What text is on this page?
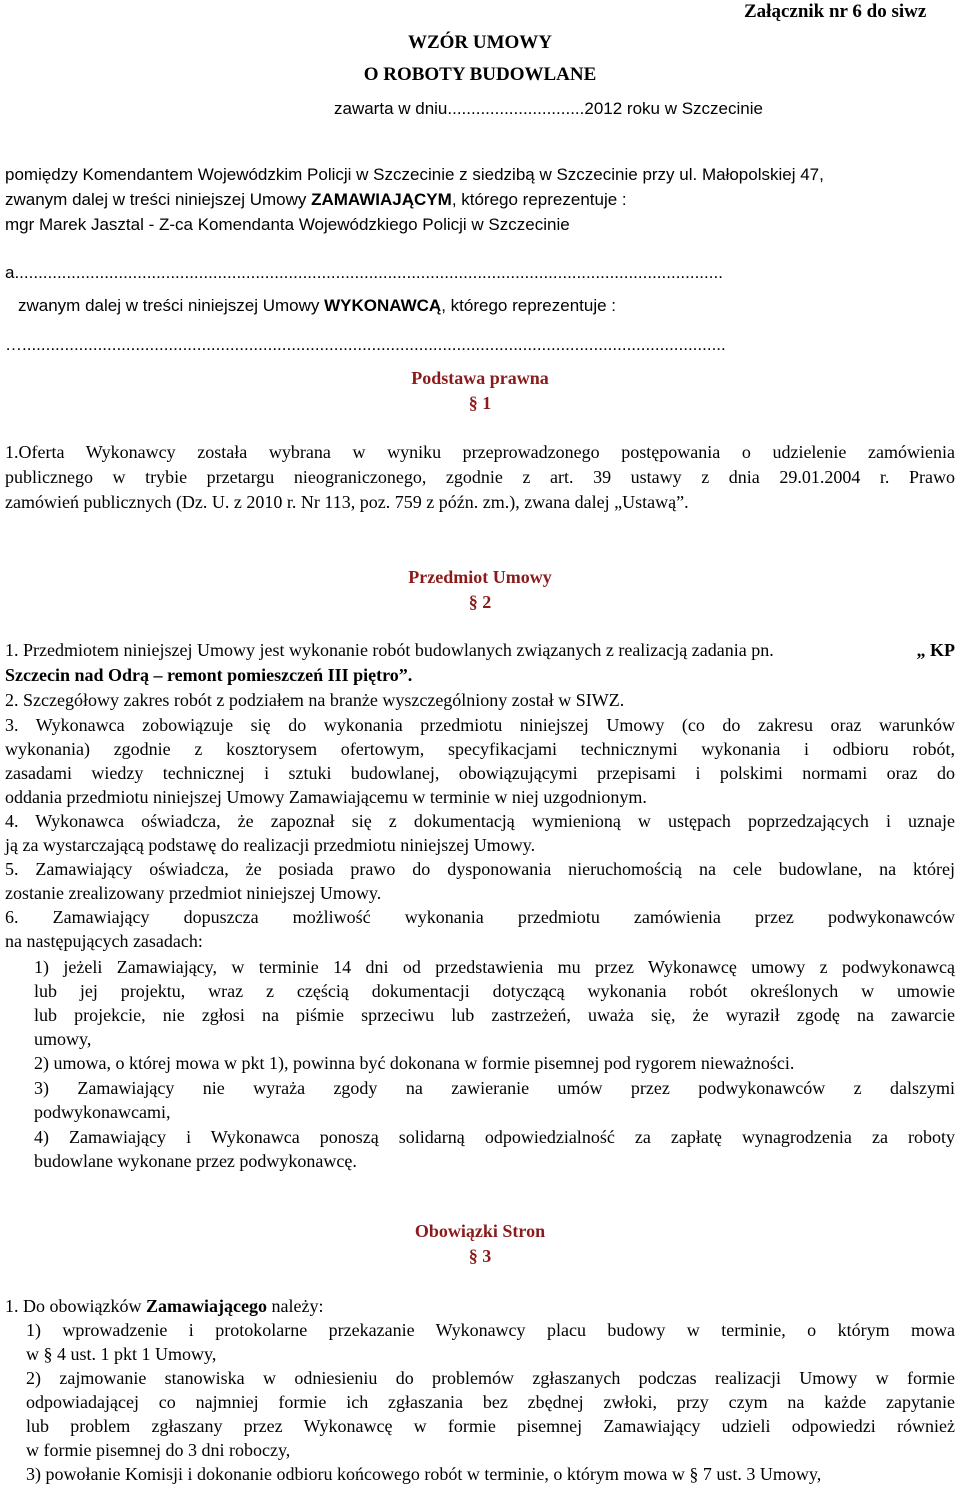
Załącznik nr 6 do siwz
WZÓR UMOWY
O ROBOTY BUDOWLANE
zawarta w dniu.............................2012 roku w Szczecinie
pomiędzy Komendantem Wojewódzkim Policji w Szczecinie z siedzibą w Szczecinie przy ul. Małopolskiej 47,
zwanym dalej w treści niniejszej Umowy ZAMAWIAJĄCYM, którego reprezentuje :
mgr Marek Jasztal - Z-ca Komendanta Wojewódzkiego Policji w Szczecinie
a......................................................................................................................................................
zwanym dalej w treści niniejszej Umowy WYKONAWCĄ, którego reprezentuje :
….....................................................................................................................................................
Podstawa prawna
§ 1
1.Oferta Wykonawcy została wybrana w wyniku przeprowadzonego postępowania o udzielenie zamówienia
publicznego w trybie przetargu nieograniczonego, zgodnie z art. 39 ustawy z dnia 29.01.2004 r. Prawo
zamówień publicznych (Dz. U. z 2010 r. Nr 113, poz. 759 z późn. zm.), zwana dalej „Ustawą”.
Przedmiot Umowy
§ 2
1. Przedmiotem niniejszej Umowy jest wykonanie robót budowlanych związanych z realizacją zadania pn.	„ KP
Szczecin nad Odrą – remont pomieszczeń III piętro”.
2. Szczegółowy zakres robót z podziałem na branże wyszczególniony został w SIWZ.
3. Wykonawca zobowiązuje się do wykonania przedmiotu niniejszej Umowy (co do zakresu oraz warunków
wykonania) zgodnie z kosztorysem ofertowym, specyfikacjami technicznymi wykonania i odbioru robót,
zasadami wiedzy technicznej i sztuki budowlanej, obowiązującymi przepisami i polskimi normami oraz do
oddania przedmiotu niniejszej Umowy Zamawiającemu w terminie w niej uzgodnionym.
4. Wykonawca oświadcza, że zapoznał się z dokumentacją wymienioną w ustępach poprzedzających i uznaje
ją za wystarczającą podstawę do realizacji przedmiotu niniejszej Umowy.
5. Zamawiający oświadcza, że posiada prawo do dysponowania nieruchomością na cele budowlane, na której
zostanie zrealizowany przedmiot niniejszej Umowy.
6. Zamawiający dopuszcza możliwość wykonania przedmiotu zamówienia przez podwykonawców
na następujących zasadach:
1) jeżeli Zamawiający, w terminie 14 dni od przedstawienia mu przez Wykonawcę umowy z podwykonawcą
lub jej projektu, wraz z częścią dokumentacji dotyczącą wykonania robót określonych w umowie
lub projekcie, nie zgłosi na piśmie sprzeciwu lub zastrzeżeń, uważa się, że wyraził zgodę na zawarcie
umowy,
2) umowa, o której mowa w pkt 1), powinna być dokonana w formie pisemnej pod rygorem nieważności.
3) Zamawiający nie wyraża zgody na zawieranie umów przez podwykonawców z dalszymi
podwykonawcami,
4) Zamawiający i Wykonawca ponoszą solidarną odpowiedzialność za zapłatę wynagrodzenia za roboty
budowlane wykonane przez podwykonawcę.
Obowiązki Stron
§ 3
1. Do obowiązków Zamawiającego należy:
1) wprowadzenie i protokolarne przekazanie Wykonawcy placu budowy w terminie, o którym mowa
w § 4 ust. 1 pkt 1 Umowy,
2) zajmowanie stanowiska w odniesieniu do problemów zgłaszanych podczas realizacji Umowy w formie
odpowiadającej co najmniej formie ich zgłaszania bez zbędnej zwłoki, przy czym na każde zapytanie
lub problem zgłaszany przez Wykonawcę w formie pisemnej Zamawiający udzieli odpowiedzi również
w formie pisemnej do 3 dni roboczy,
3) powołanie Komisji i dokonanie odbioru końcowego robót w terminie, o którym mowa w § 7 ust. 3 Umowy,
